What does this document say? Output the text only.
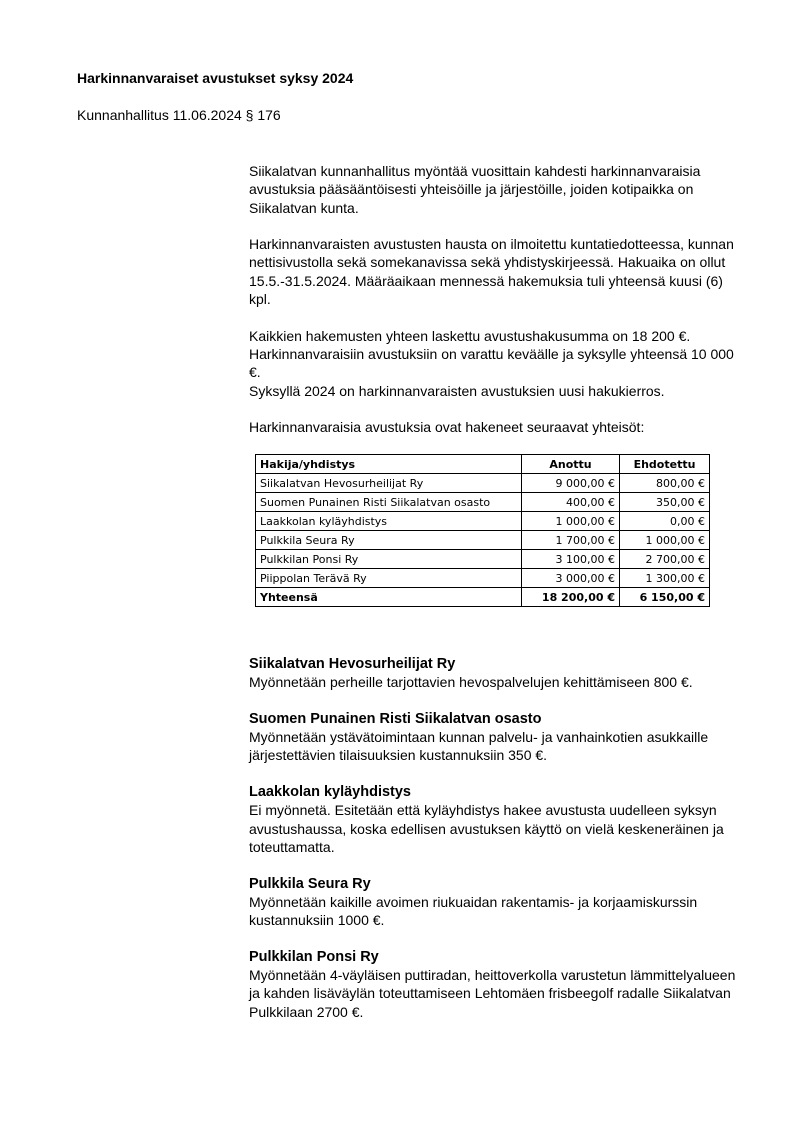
Harkinnanvaraiset avustukset syksy 2024
Kunnanhallitus 11.06.2024 § 176

Siikalatvan kunnanhallitus myöntää vuosittain kahdesti harkinnanvaraisia avustuksia pääsääntöisesti yhteisöille ja järjestöille, joiden kotipaikka on Siikalatvan kunta.

Harkinnanvaraisten avustusten hausta on ilmoitettu kuntatiedotteessa, kunnan nettisivustolla sekä somekanavissa sekä yhdistyskirjeessä. Hakuaika on ollut 15.5.-31.5.2024. Määräaikaan mennessä hakemuksia tuli yhteensä kuusi (6) kpl.

Kaikkien hakemusten yhteen laskettu avustushakusumma on 18 200 €. Harkinnanvaraisiin avustuksiin on varattu keväälle ja syksylle yhteensä 10 000 €.

Syksyllä 2024 on harkinnanvaraisten avustuksien uusi hakukierros.

Harkinnanvaraisia avustuksia ovat hakeneet seuraavat yhteisöt:

Hakija/yhdistys	Anottu	Ehdotettu
Siikalatvan Hevosurheilijat Ry	9 000,00 €	800,00 €
Suomen Punainen Risti Siikalatvan osasto	400,00 €	350,00 €
Laakkolan kyläyhdistys	1 000,00 €	0,00 €
Pulkkila Seura Ry	1 700,00 €	1 000,00 €
Pulkkilan Ponsi Ry	3 100,00 €	2 700,00 €
Piippolan Terävä Ry	3 000,00 €	1 300,00 €
Yhteensä	18 200,00 €	6 150,00 €
Siikalatvan Hevosurheilijat Ry
Myönnetään perheille tarjottavien hevospalvelujen kehittämiseen 800 €.
Suomen Punainen Risti Siikalatvan osasto
Myönnetään ystävätoimintaan kunnan palvelu- ja vanhainkotien asukkaille järjestettävien tilaisuuksien kustannuksiin 350 €.
Laakkolan kyläyhdistys
Ei myönnetä. Esitetään että kyläyhdistys hakee avustusta uudelleen syksyn avustushaussa, koska edellisen avustuksen käyttö on vielä keskeneräinen ja toteuttamatta.
Pulkkila Seura Ry
Myönnetään kaikille avoimen riukuaidan rakentamis- ja korjaamiskurssin kustannuksiin 1000 €.
Pulkkilan Ponsi Ry
Myönnetään 4-väyläisen puttiradan, heittoverkolla varustetun lämmittelyalueen ja kahden lisäväylän toteuttamiseen Lehtomäen frisbeegolf radalle Siikalatvan Pulkkilaan 2700 €.
